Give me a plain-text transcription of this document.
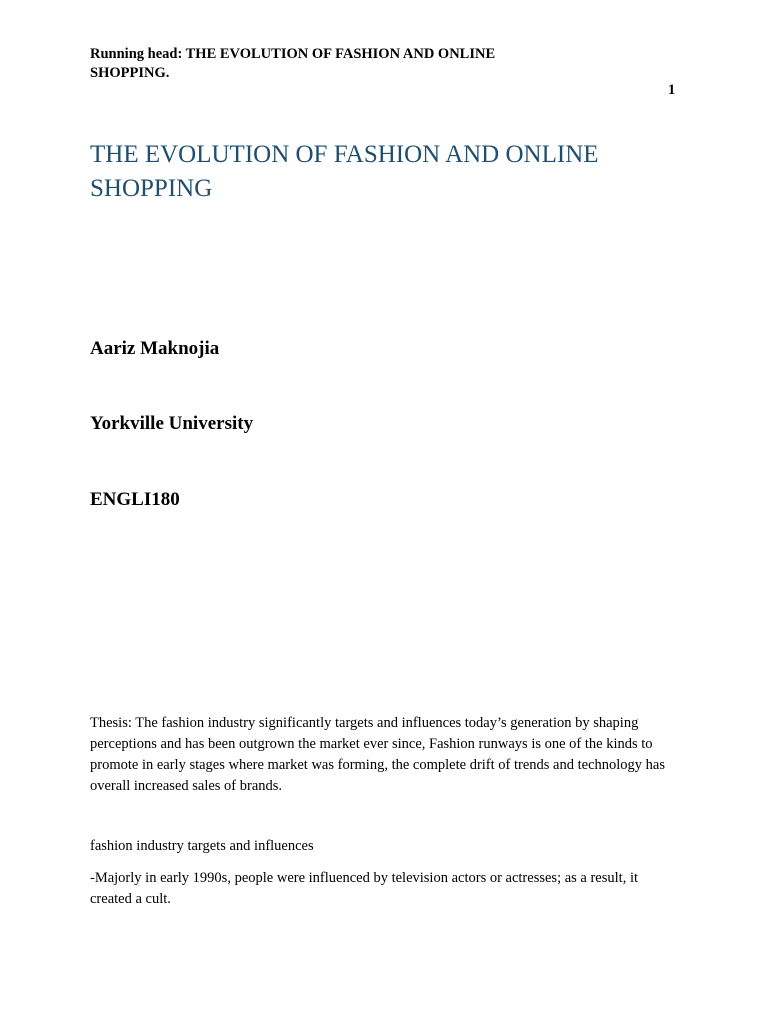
Running head: THE EVOLUTION OF FASHION AND ONLINE SHOPPING.
1
THE EVOLUTION OF FASHION AND ONLINE SHOPPING
Aariz Maknojia
Yorkville University
ENGLI180

Thesis: The fashion industry significantly targets and influences today’s generation by shaping perceptions and has been outgrown the market ever since, Fashion runways is one of the kinds to promote in early stages where market was forming, the complete drift of trends and technology has overall increased sales of brands.

fashion industry targets and influences

-Majorly in early 1990s, people were influenced by television actors or actresses; as a result, it created a cult.
